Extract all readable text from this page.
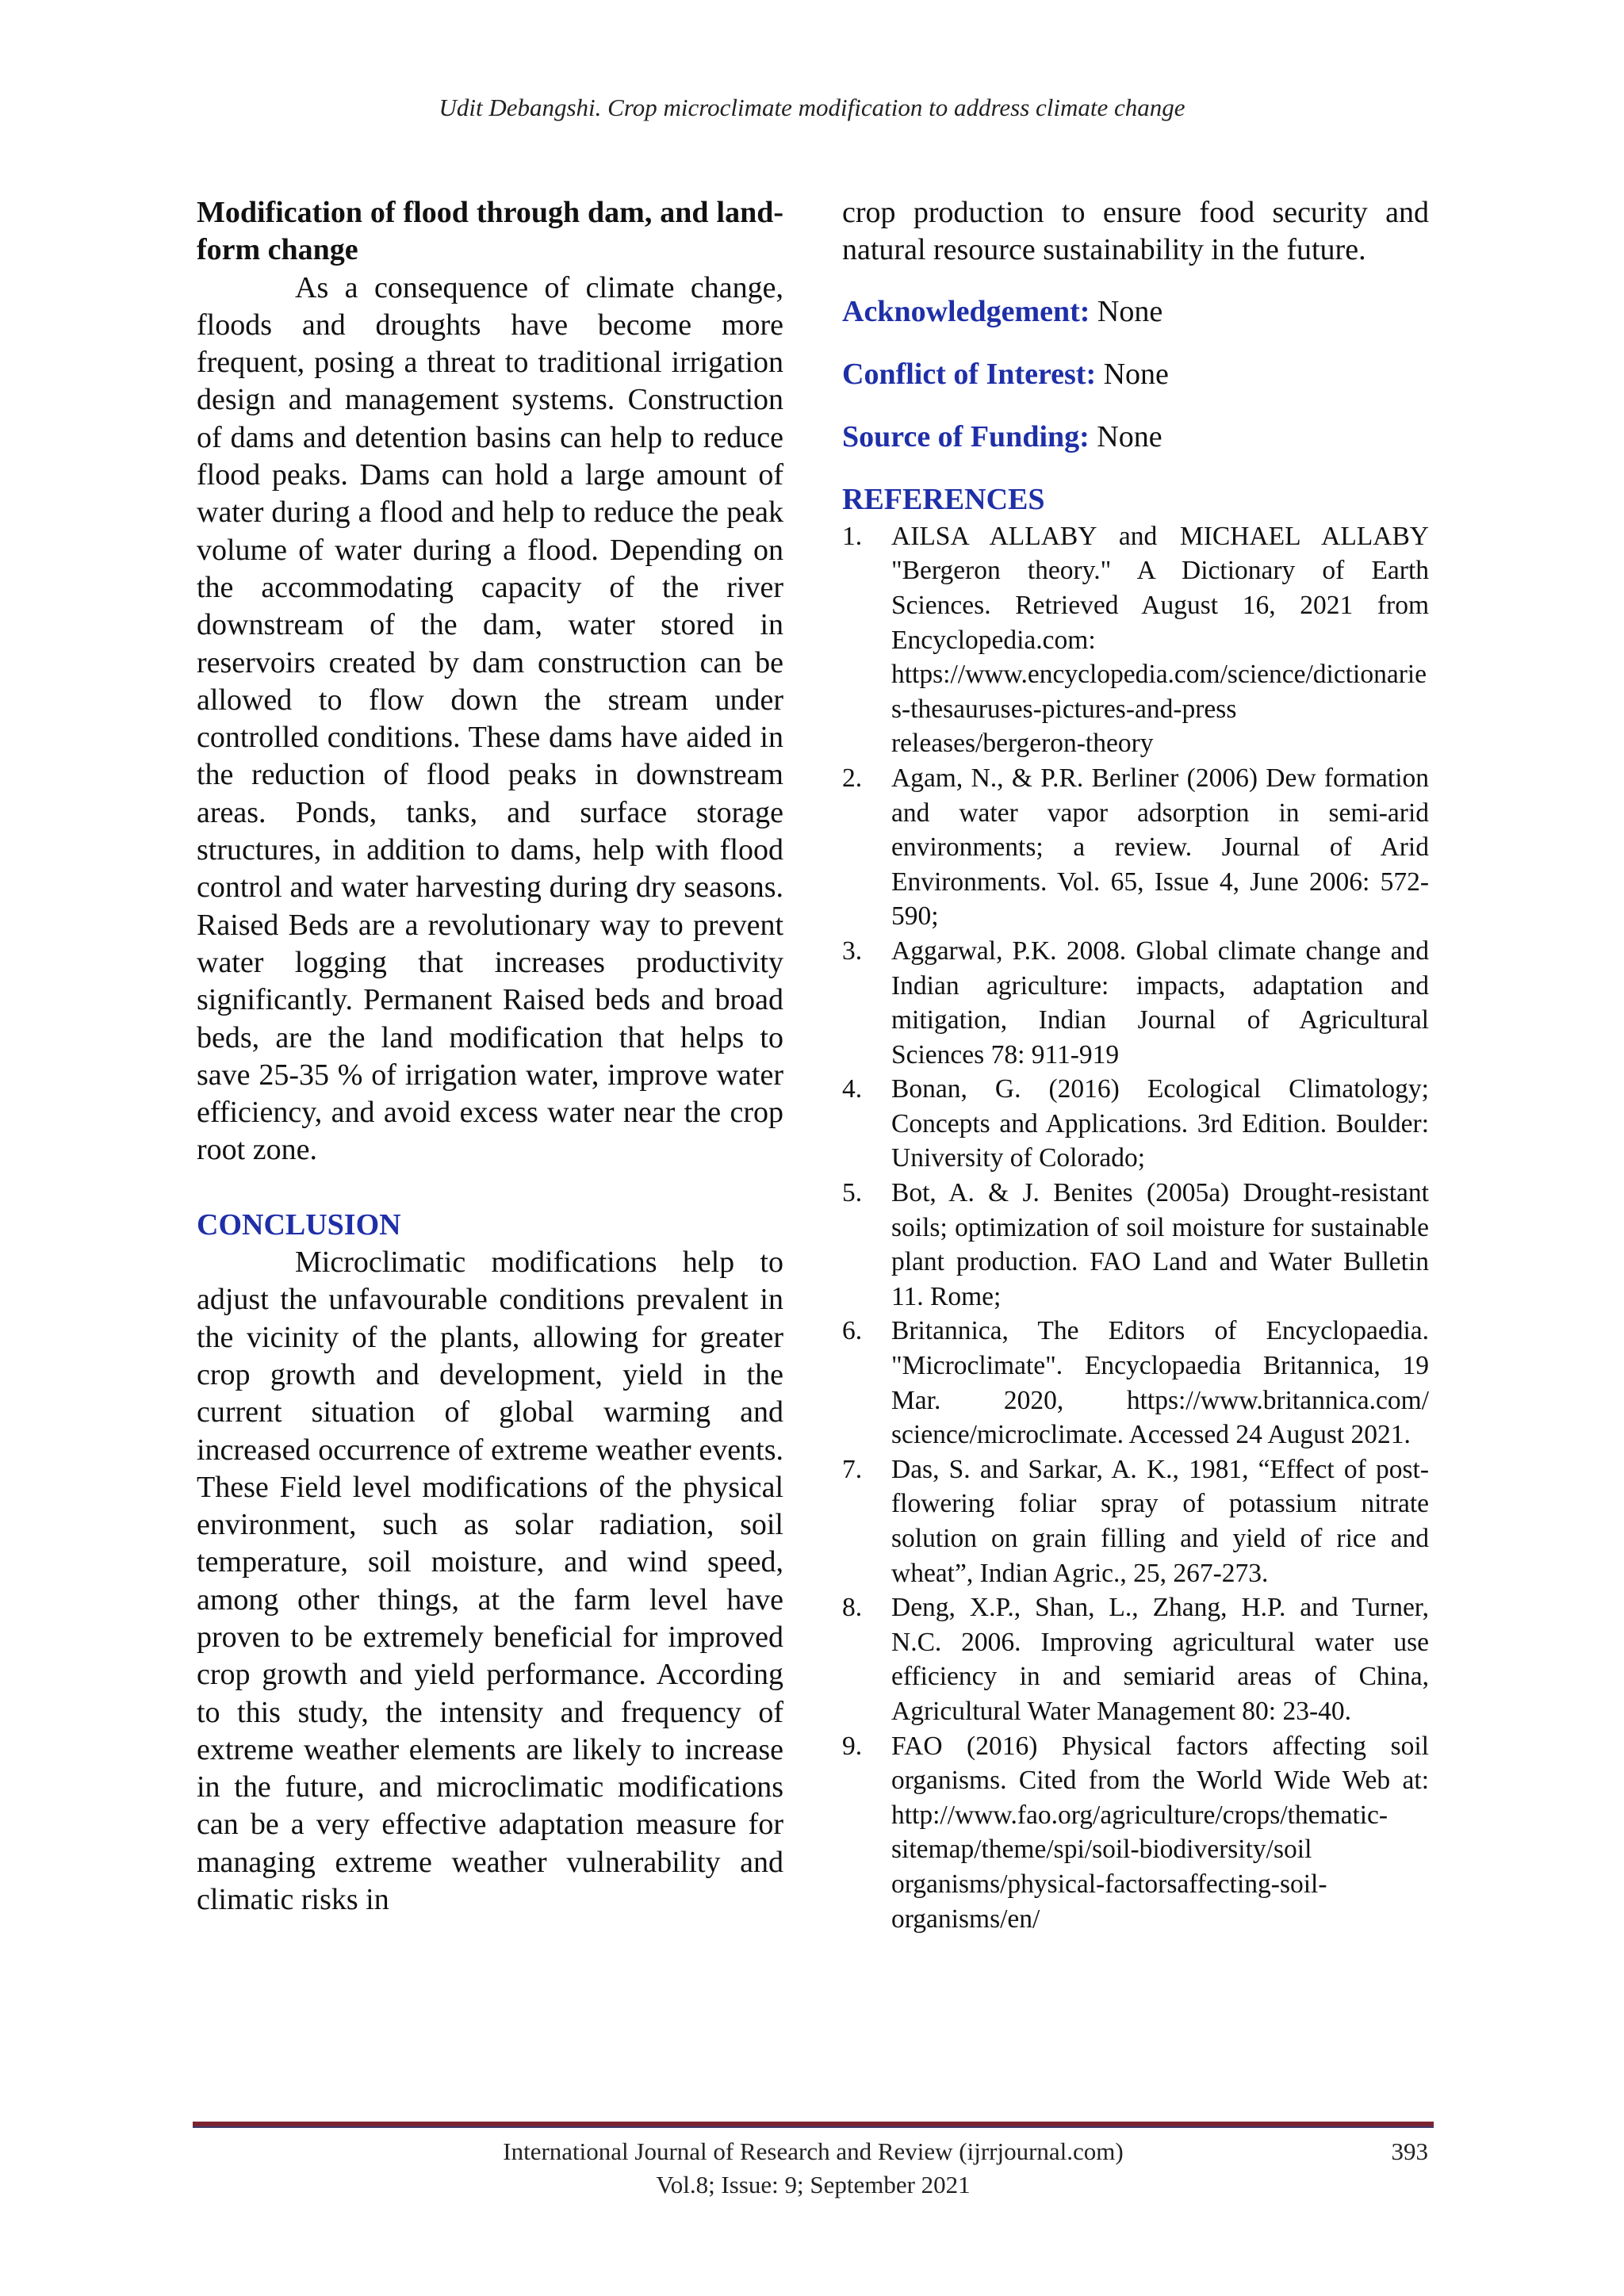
Udit Debangshi. Crop microclimate modification to address climate change

Modification of flood through dam, and land-form change

As a consequence of climate change, floods and droughts have become more frequent, posing a threat to traditional irrigation design and management systems. Construction of dams and detention basins can help to reduce flood peaks. Dams can hold a large amount of water during a flood and help to reduce the peak volume of water during a flood. Depending on the accommodating capacity of the river downstream of the dam, water stored in reservoirs created by dam construction can be allowed to flow down the stream under controlled conditions. These dams have aided in the reduction of flood peaks in downstream areas. Ponds, tanks, and surface storage structures, in addition to dams, help with flood control and water harvesting during dry seasons. Raised Beds are a revolutionary way to prevent water logging that increases productivity significantly. Permanent Raised beds and broad beds, are the land modification that helps to save 25-35 % of irrigation water, improve water efficiency, and avoid excess water near the crop root zone.

CONCLUSION

Microclimatic modifications help to adjust the unfavourable conditions prevalent in the vicinity of the plants, allowing for greater crop growth and development, yield in the current situation of global warming and increased occurrence of extreme weather events. These Field level modifications of the physical environment, such as solar radiation, soil temperature, soil moisture, and wind speed, among other things, at the farm level have proven to be extremely beneficial for improved crop growth and yield performance. According to this study, the intensity and frequency of extreme weather elements are likely to increase in the future, and microclimatic modifications can be a very effective adaptation measure for managing extreme weather vulnerability and climatic risks in

crop production to ensure food security and natural resource sustainability in the future.

Acknowledgement: None

Conflict of Interest: None

Source of Funding: None

REFERENCES

1.	AILSA ALLABY and MICHAEL ALLABY "Bergeron theory." A Dictionary of Earth Sciences. Retrieved August 16, 2021 from Encyclopedia.com: https://www.encyclopedia.com/science/dictionaries-thesauruses-pictures-and-press releases/bergeron-theory
2.	Agam, N., & P.R. Berliner (2006) Dew formation and water vapor adsorption in semi-arid environments; a review. Journal of Arid Environments. Vol. 65, Issue 4, June 2006: 572-590;
3.	Aggarwal, P.K. 2008. Global climate change and Indian agriculture: impacts, adaptation and mitigation, Indian Journal of Agricultural Sciences 78: 911-919
4.	Bonan, G. (2016) Ecological Climatology; Concepts and Applications. 3rd Edition. Boulder: University of Colorado;
5.	Bot, A. & J. Benites (2005a) Drought-resistant soils; optimization of soil moisture for sustainable plant production. FAO Land and Water Bulletin 11. Rome;
6.	Britannica, The Editors of Encyclopaedia. "Microclimate". Encyclopaedia Britannica, 19 Mar. 2020, https://www.britannica.com/ science/microclimate. Accessed 24 August 2021.
7.	Das, S. and Sarkar, A. K., 1981, “Effect of post-flowering foliar spray of potassium nitrate solution on grain filling and yield of rice and wheat”, Indian Agric., 25, 267-273.
8.	Deng, X.P., Shan, L., Zhang, H.P. and Turner, N.C. 2006. Improving agricultural water use efficiency in and semiarid areas of China, Agricultural Water Management 80: 23-40.
9.	FAO (2016) Physical factors affecting soil organisms. Cited from the World Wide Web at: http://www.fao.org/agriculture/crops/thematic-sitemap/theme/spi/soil-biodiversity/soil organisms/physical-factorsaffecting-soil-organisms/en/
International Journal of Research and Review (ijrrjournal.com)	393
Vol.8; Issue: 9; September 2021
